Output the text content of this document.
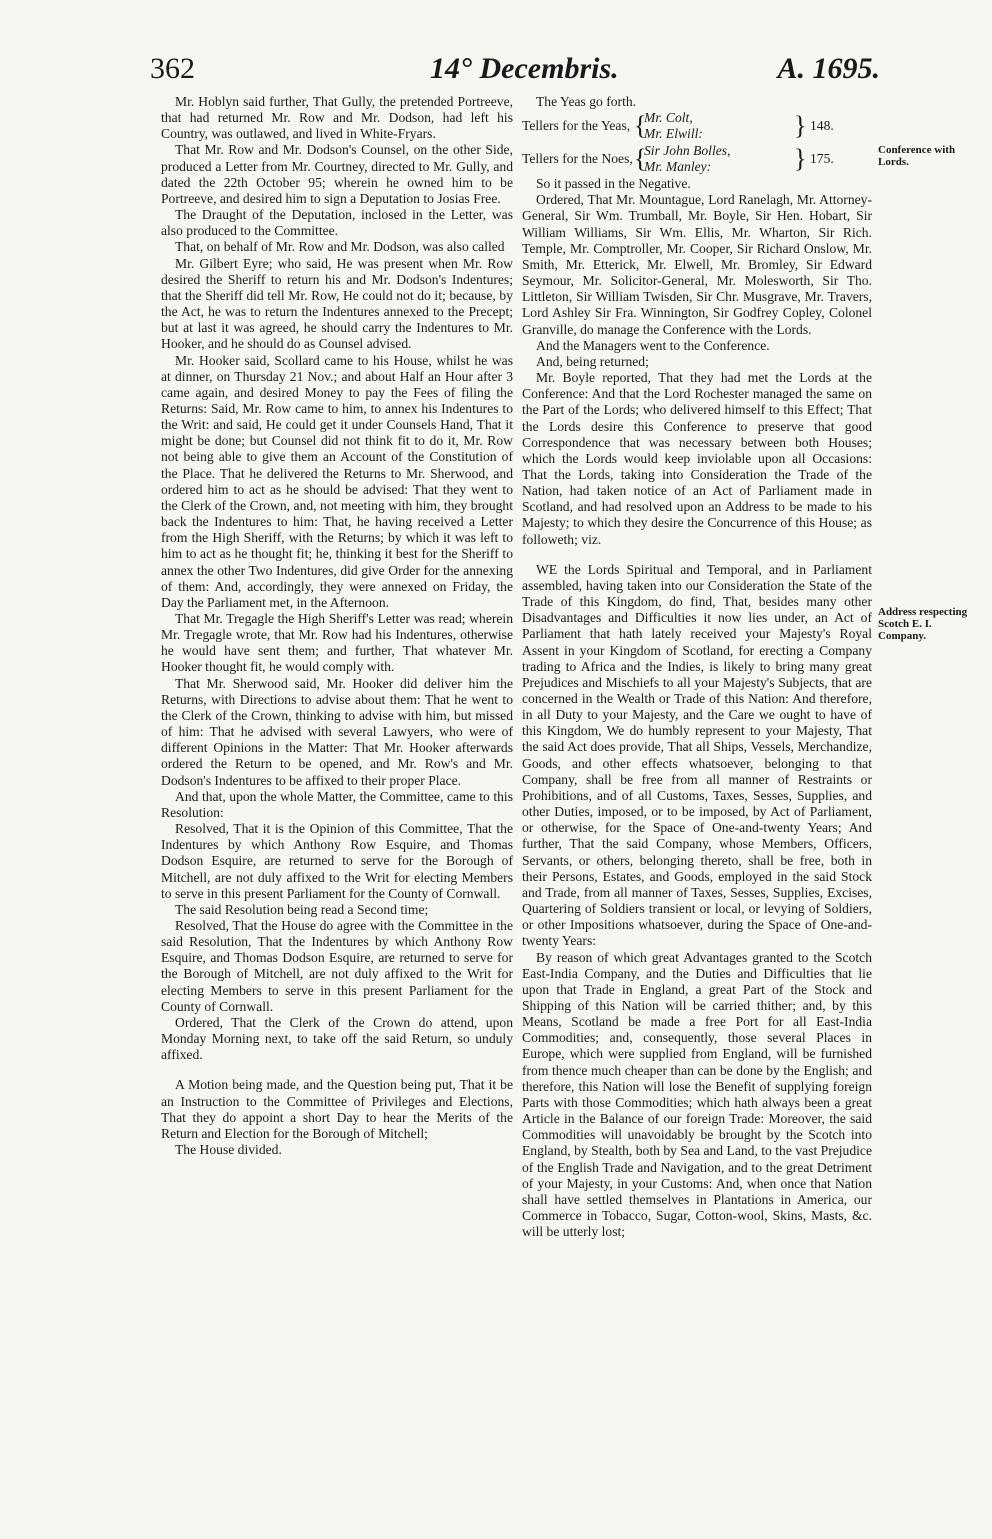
362	14° Decembris.	A. 1695.

Mr. Hoblyn said further, That Gully, the pretended Portreeve, that had returned Mr. Row and Mr. Dodson, had left his Country, was outlawed, and lived in White-Fryars.

That Mr. Row and Mr. Dodson's Counsel, on the other Side, produced a Letter from Mr. Courtney, directed to Mr. Gully, and dated the 22th October 95; wherein he owned him to be Portreeve, and desired him to sign a Deputation to Josias Free.

The Draught of the Deputation, inclosed in the Letter, was also produced to the Committee.

That, on behalf of Mr. Row and Mr. Dodson, was also called

Mr. Gilbert Eyre; who said, He was present when Mr. Row desired the Sheriff to return his and Mr. Dodson's Indentures; that the Sheriff did tell Mr. Row, He could not do it; because, by the Act, he was to return the Indentures annexed to the Precept; but at last it was agreed, he should carry the Indentures to Mr. Hooker, and he should do as Counsel advised.

Mr. Hooker said, Scollard came to his House, whilst he was at dinner, on Thursday 21 Nov.; and about Half an Hour after 3 came again, and desired Money to pay the Fees of filing the Returns: Said, Mr. Row came to him, to annex his Indentures to the Writ: and said, He could get it under Counsels Hand, That it might be done; but Counsel did not think fit to do it, Mr. Row not being able to give them an Account of the Constitution of the Place. That he delivered the Returns to Mr. Sherwood, and ordered him to act as he should be advised: That they went to the Clerk of the Crown, and, not meeting with him, they brought back the Indentures to him: That, he having received a Letter from the High Sheriff, with the Returns; by which it was left to him to act as he thought fit; he, thinking it best for the Sheriff to annex the other Two Indentures, did give Order for the annexing of them: And, accordingly, they were annexed on Friday, the Day the Parliament met, in the Afternoon.

That Mr. Tregagle the High Sheriff's Letter was read; wherein Mr. Tregagle wrote, that Mr. Row had his Indentures, otherwise he would have sent them; and further, That whatever Mr. Hooker thought fit, he would comply with.

That Mr. Sherwood said, Mr. Hooker did deliver him the Returns, with Directions to advise about them: That he went to the Clerk of the Crown, thinking to advise with him, but missed of him: That he advised with several Lawyers, who were of different Opinions in the Matter: That Mr. Hooker afterwards ordered the Return to be opened, and Mr. Row's and Mr. Dodson's Indentures to be affixed to their proper Place.

And that, upon the whole Matter, the Committee, came to this Resolution:

Resolved, That it is the Opinion of this Committee, That the Indentures by which Anthony Row Esquire, and Thomas Dodson Esquire, are returned to serve for the Borough of Mitchell, are not duly affixed to the Writ for electing Members to serve in this present Parliament for the County of Cornwall.

The said Resolution being read a Second time;

Resolved, That the House do agree with the Committee in the said Resolution, That the Indentures by which Anthony Row Esquire, and Thomas Dodson Esquire, are returned to serve for the Borough of Mitchell, are not duly affixed to the Writ for electing Members to serve in this present Parliament for the County of Cornwall.

Ordered, That the Clerk of the Crown do attend, upon Monday Morning next, to take off the said Return, so unduly affixed.

A Motion being made, and the Question being put, That it be an Instruction to the Committee of Privileges and Elections, That they do appoint a short Day to hear the Merits of the Return and Election for the Borough of Mitchell;

The House divided.

The Yeas go forth.

Tellers for the Yeas, {
Mr. Colt,
Mr. Elwill:	} 148.
Tellers for the Noes, {
Sir John Bolles,
Mr. Manley:	} 175.

So it passed in the Negative.

Ordered, That Mr. Mountague, Lord Ranelagh, Mr. Attorney-General, Sir Wm. Trumball, Mr. Boyle, Sir Hen. Hobart, Sir William Williams, Sir Wm. Ellis, Mr. Wharton, Sir Rich. Temple, Mr. Comptroller, Mr. Cooper, Sir Richard Onslow, Mr. Smith, Mr. Etterick, Mr. Elwell, Mr. Bromley, Sir Edward Seymour, Mr. Solicitor-General, Mr. Molesworth, Sir Tho. Littleton, Sir William Twisden, Sir Chr. Musgrave, Mr. Travers, Lord Ashley Sir Fra. Winnington, Sir Godfrey Copley, Colonel Granville, do manage the Conference with the Lords.

And the Managers went to the Conference.

And, being returned;

Mr. Boyle reported, That they had met the Lords at the Conference: And that the Lord Rochester managed the same on the Part of the Lords; who delivered himself to this Effect; That the Lords desire this Conference to preserve that good Correspondence that was necessary between both Houses; which the Lords would keep inviolable upon all Occasions: That the Lords, taking into Consideration the Trade of the Nation, had taken notice of an Act of Parliament made in Scotland, and had resolved upon an Address to be made to his Majesty; to which they desire the Concurrence of this House; as followeth; viz.

WE the Lords Spiritual and Temporal, and in Parliament assembled, having taken into our Consideration the State of the Trade of this Kingdom, do find, That, besides many other Disadvantages and Difficulties it now lies under, an Act of Parliament that hath lately received your Majesty's Royal Assent in your Kingdom of Scotland, for erecting a Company trading to Africa and the Indies, is likely to bring many great Prejudices and Mischiefs to all your Majesty's Subjects, that are concerned in the Wealth or Trade of this Nation: And therefore, in all Duty to your Majesty, and the Care we ought to have of this Kingdom, We do humbly represent to your Majesty, That the said Act does provide, That all Ships, Vessels, Merchandize, Goods, and other effects whatsoever, belonging to that Company, shall be free from all manner of Restraints or Prohibitions, and of all Customs, Taxes, Sesses, Supplies, and other Duties, imposed, or to be imposed, by Act of Parliament, or otherwise, for the Space of One-and-twenty Years; And further, That the said Company, whose Members, Officers, Servants, or others, belonging thereto, shall be free, both in their Persons, Estates, and Goods, employed in the said Stock and Trade, from all manner of Taxes, Sesses, Supplies, Excises, Quartering of Soldiers transient or local, or levying of Soldiers, or other Impositions whatsoever, during the Space of One-and-twenty Years:

By reason of which great Advantages granted to the Scotch East-India Company, and the Duties and Difficulties that lie upon that Trade in England, a great Part of the Stock and Shipping of this Nation will be carried thither; and, by this Means, Scotland be made a free Port for all East-India Commodities; and, consequently, those several Places in Europe, which were supplied from England, will be furnished from thence much cheaper than can be done by the English; and therefore, this Nation will lose the Benefit of supplying foreign Parts with those Commodities; which hath always been a great Article in the Balance of our foreign Trade: Moreover, the said Commodities will unavoidably be brought by the Scotch into England, by Stealth, both by Sea and Land, to the vast Prejudice of the English Trade and Navigation, and to the great Detriment of your Majesty, in your Customs: And, when once that Nation shall have settled themselves in Plantations in America, our Commerce in Tobacco, Sugar, Cotton-wool, Skins, Masts, &c. will be utterly lost;

Conference with Lords.
Address respecting Scotch E. I. Company.
